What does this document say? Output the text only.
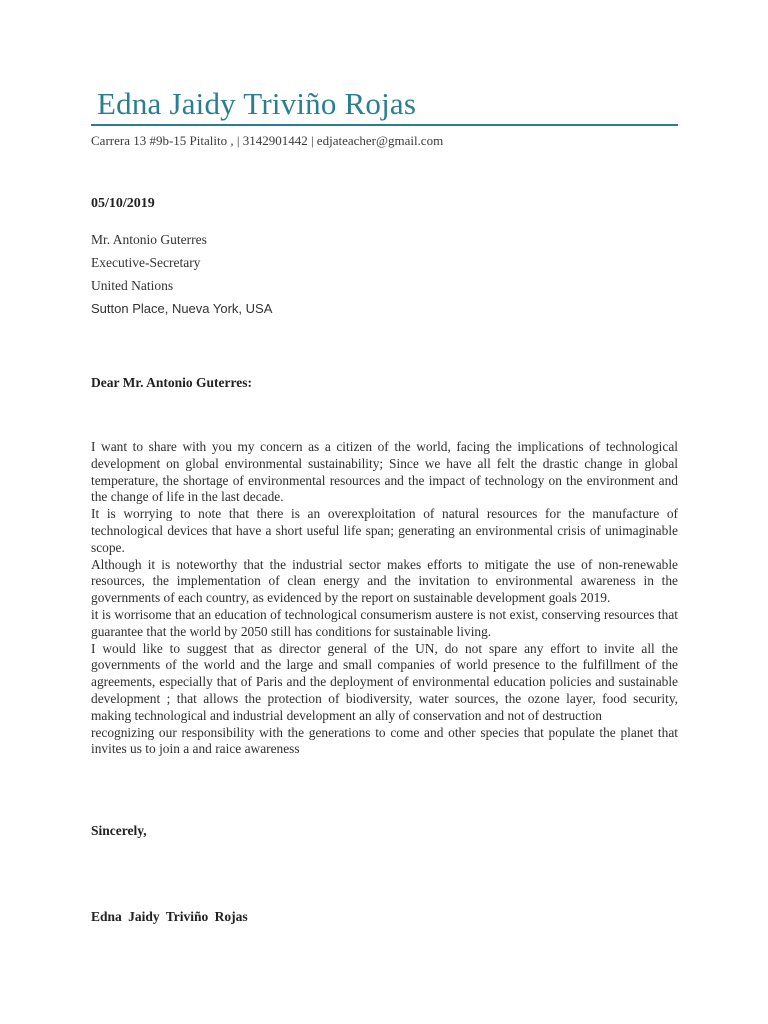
Edna Jaidy Triviño Rojas
Carrera 13 #9b-15 Pitalito , | 3142901442 | edjateacher@gmail.com
05/10/2019
Mr. Antonio Guterres
Executive-Secretary
United Nations
Sutton Place, Nueva York, USA
Dear Mr. Antonio Guterres:

I want to share with you my concern as a citizen of the world, facing the implications of technological development on global environmental sustainability; Since we have all felt the drastic change in global temperature, the shortage of environmental resources and the impact of technology on the environment and the change of life in the last decade.

It is worrying to note that there is an overexploitation of natural resources for the manufacture of technological devices that have a short useful life span; generating an environmental crisis of unimaginable scope.

Although it is noteworthy that the industrial sector makes efforts to mitigate the use of non-renewable resources, the implementation of clean energy and the invitation to environmental awareness in the governments of each country, as evidenced by the report on sustainable development goals 2019.

it is worrisome that an education of technological consumerism austere is not exist, conserving resources that guarantee that the world by 2050 still has conditions for sustainable living.

I would like to suggest that as director general of the UN, do not spare any effort to invite all the governments of the world and the large and small companies of world presence to the fulfillment of the agreements, especially that of Paris and the deployment of environmental education policies and sustainable development ; that allows the protection of biodiversity, water sources, the ozone layer, food security, making technological and industrial development an ally of conservation and not of destruction

recognizing our responsibility with the generations to come and other species that populate the planet that invites us to join a and raice awareness

Sincerely,
Edna Jaidy Triviño Rojas
